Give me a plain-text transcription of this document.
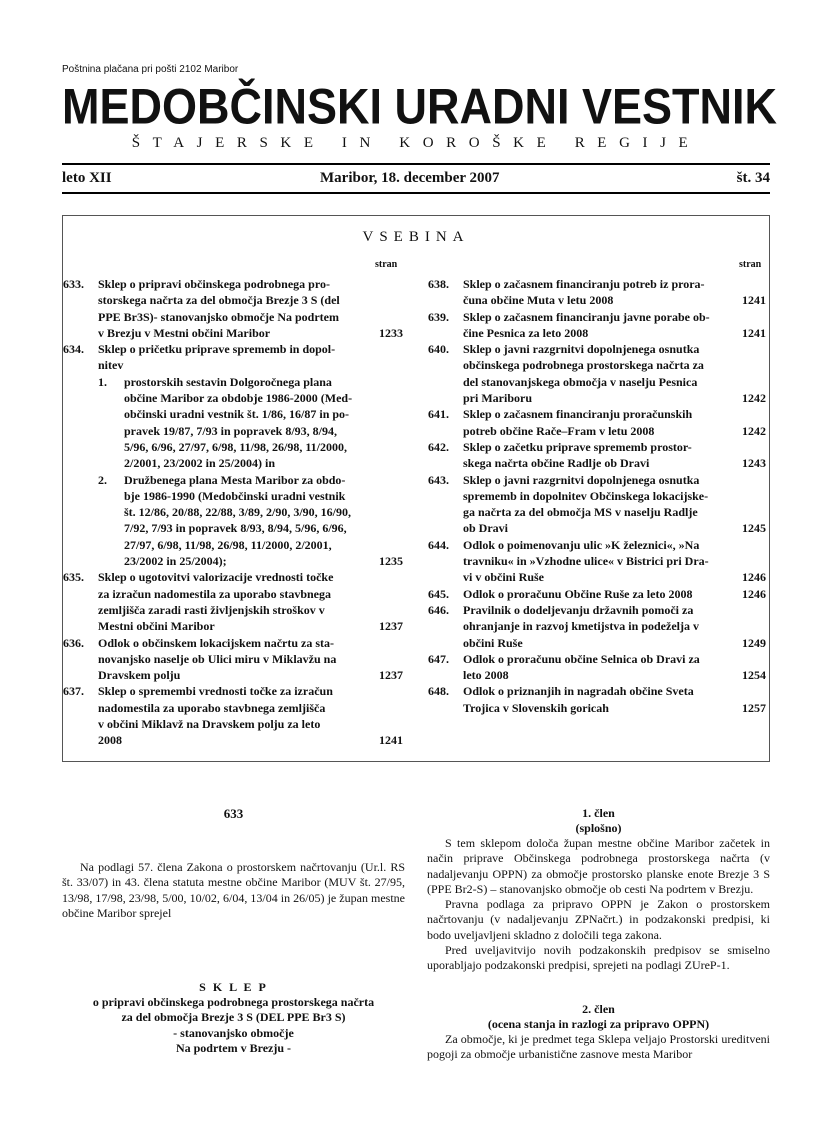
Poštnina plačana pri pošti 2102 Maribor
MEDOBČINSKI URADNI VESTNIK
ŠTAJERSKE IN KOROŠKE REGIJE
leto XII	Maribor, 18. december 2007	št. 34
VSEBINA
stran	stran
633. Sklep o pripravi občinskega podrobnega pro-
storskega načrta za del območja Brezje 3 S (del
PPE Br3S)- stanovanjsko območje Na podrtem
v Brezju v Mestni občini Maribor	1233
634. Sklep o pričetku priprave sprememb in dopol-
nitev
1. prostorskih sestavin Dolgoročnega plana
občine Maribor za obdobje 1986-2000 (Med-
občinski uradni vestnik št. 1/86, 16/87 in po-
pravek 19/87, 7/93 in popravek 8/93, 8/94,
5/96, 6/96, 27/97, 6/98, 11/98, 26/98, 11/2000,
2/2001, 23/2002 in 25/2004) in
2. Družbenega plana Mesta Maribor za obdo-
bje 1986-1990 (Medobčinski uradni vestnik
št. 12/86, 20/88, 22/88, 3/89, 2/90, 3/90, 16/90,
7/92, 7/93 in popravek 8/93, 8/94, 5/96, 6/96,
27/97, 6/98, 11/98, 26/98, 11/2000, 2/2001,
23/2002 in 25/2004);	1235
635. Sklep o ugotovitvi valorizacije vrednosti točke
za izračun nadomestila za uporabo stavbnega
zemljišča zaradi rasti življenjskih stroškov v
Mestni občini Maribor	1237
636. Odlok o občinskem lokacijskem načrtu za sta-
novanjsko naselje ob Ulici miru v Miklavžu na
Dravskem polju	1237
637. Sklep o spremembi vrednosti točke za izračun
nadomestila za uporabo stavbnega zemljišča
v občini Miklavž na Dravskem polju za leto
2008	1241
638. Sklep o začasnem financiranju potreb iz prora-
čuna občine Muta v letu 2008	1241
639. Sklep o začasnem financiranju javne porabe ob-
čine Pesnica za leto 2008	1241
640. Sklep o javni razgrnitvi dopolnjenega osnutka
občinskega podrobnega prostorskega načrta za
del stanovanjskega območja v naselju Pesnica
pri Mariboru	1242
641. Sklep o začasnem financiranju proračunskih
potreb občine Rače–Fram v letu 2008	1242
642. Sklep o začetku priprave sprememb prostor-
skega načrta občine Radlje ob Dravi	1243
643. Sklep o javni razgrnitvi dopolnjenega osnutka
sprememb in dopolnitev Občinskega lokacijske-
ga načrta za del območja MS v naselju Radlje
ob Dravi	1245
644. Odlok o poimenovanju ulic »K železnici«, »Na
travniku« in »Vzhodne ulice« v Bistrici pri Dra-
vi v občini Ruše	1246
645. Odlok o proračunu Občine Ruše za leto 2008	1246
646. Pravilnik o dodeljevanju državnih pomoči za
ohranjanje in razvoj kmetijstva in podeželja v
občini Ruše	1249
647. Odlok o proračunu občine Selnica ob Dravi za
leto 2008	1254
648. Odlok o priznanjih in nagradah občine Sveta
Trojica v Slovenskih goricah	1257
633

Na podlagi 57. člena Zakona o prostorskem načrtovanju (Ur.l. RS št. 33/07) in 43. člena statuta mestne občine Maribor (MUV št. 27/95, 13/98, 17/98, 23/98, 5/00, 10/02, 6/04, 13/04 in 26/05) je župan mestne občine Maribor sprejel

S K L E P
o pripravi občinskega podrobnega prostorskega načrta
za del območja Brezje 3 S (DEL PPE Br3 S)
- stanovanjsko območje
Na podrtem v Brezju -
1. člen
(splošno)

S tem sklepom določa župan mestne občine Maribor začetek in način priprave Občinskega podrobnega prostorskega načrta (v nadaljevanju OPPN) za območje prostorsko planske enote Brezje 3 S (PPE Br2-S) – stanovanjsko območje ob cesti Na podrtem v Brezju.

Pravna podlaga za pripravo OPPN je Zakon o prostorskem načrtovanju (v nadaljevanju ZPNačrt.) in podzakonski predpisi, ki bodo uveljavljeni skladno z določili tega zakona.

Pred uveljavitvijo novih podzakonskih predpisov se smiselno uporabljajo podzakonski predpisi, sprejeti na podlagi ZUreP-1.

2. člen
(ocena stanja in razlogi za pripravo OPPN)

Za območje, ki je predmet tega Sklepa veljajo Prostorski ureditveni pogoji za območje urbanistične zasnove mesta Maribor
